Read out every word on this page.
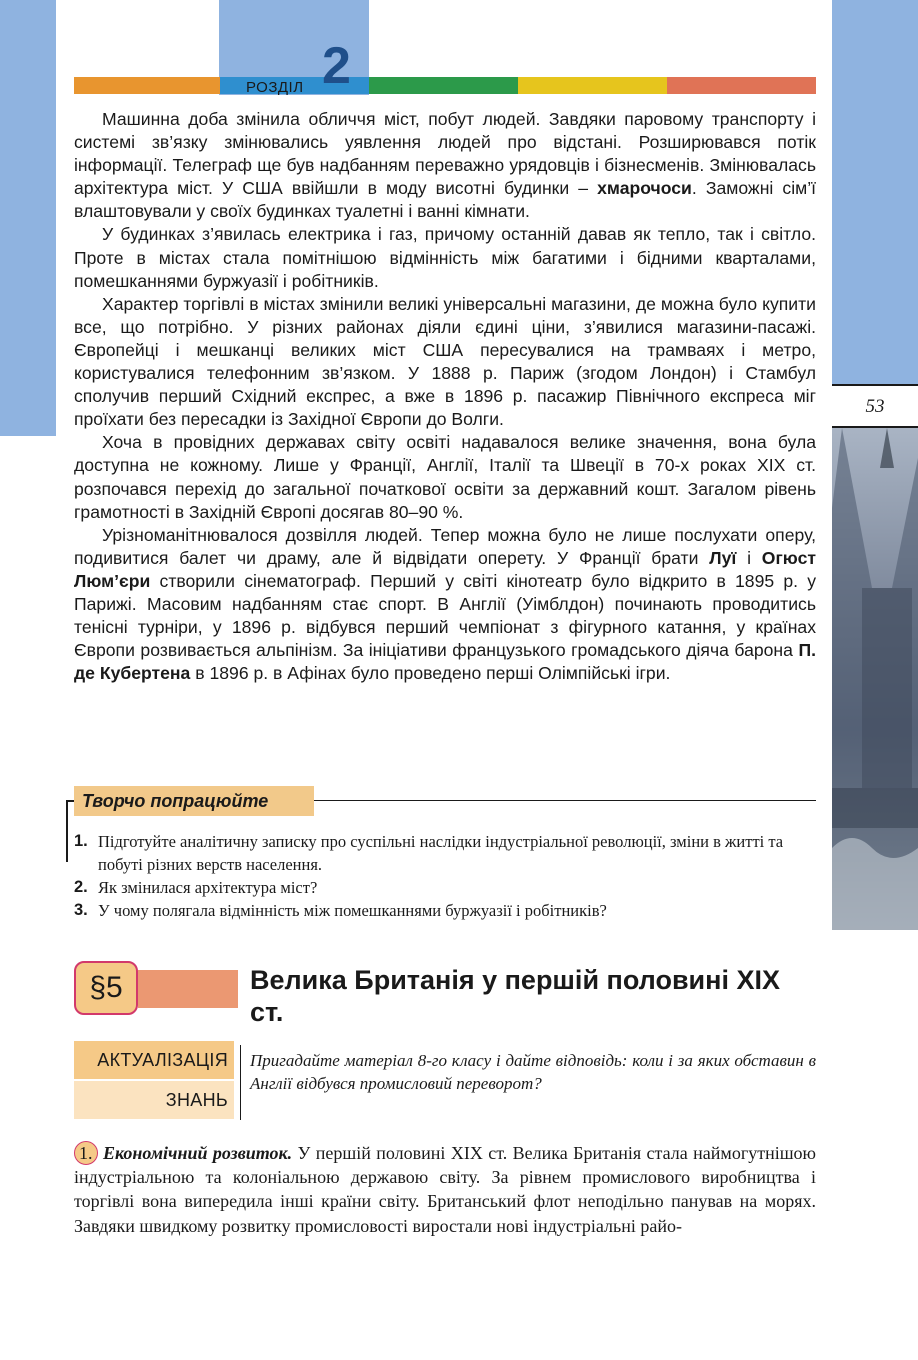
РОЗДІЛ 2
53

Машинна доба змінила обличчя міст, побут людей. Завдяки паровому транспорту і системі зв’язку змінювались уявлення людей про відстані. Розширювався потік інформації. Телеграф ще був надбанням переважно урядовців і бізнесменів. Змінювалась архітектура міст. У США ввійшли в моду висотні будинки – хмарочоси. Заможні сім’ї влаштовували у своїх будинках туалетні і ванні кімнати.

У будинках з’явилась електрика і газ, причому останній давав як тепло, так і світло. Проте в містах стала помітнішою відмінність між багатими і бідними кварталами, помешканнями буржуазії і робітників.

Характер торгівлі в містах змінили великі універсальні магазини, де можна було купити все, що потрібно. У різних районах діяли єдині ціни, з’явилися магазини-пасажі. Європейці і мешканці великих міст США пересувалися на трамваях і метро, користувалися телефонним зв’язком. У 1888 р. Париж (згодом Лондон) і Стамбул сполучив перший Східний експрес, а вже в 1896 р. пасажир Північного експреса міг проїхати без пересадки із Західної Європи до Волги.

Хоча в провідних державах світу освіті надавалося велике значення, вона була доступна не кожному. Лише у Франції, Англії, Італії та Швеції в 70-х роках XIX ст. розпочався перехід до загальної початкової освіти за державний кошт. Загалом рівень грамотності в Західній Європі досягав 80–90 %.

Урізноманітнювалося дозвілля людей. Тепер можна було не лише послухати оперу, подивитися балет чи драму, але й відвідати оперету. У Франції брати Луї і Огюст Люм’єри створили сінематограф. Перший у світі кінотеатр було відкрито в 1895 р. у Парижі. Масовим надбанням стає спорт. В Англії (Уімблдон) починають проводитись тенісні турніри, у 1896 р. відбувся перший чемпіонат з фігурного катання, у країнах Європи розвивається альпінізм. За ініціативи французького громадського діяча барона П. де Кубертена в 1896 р. в Афінах було проведено перші Олімпійські ігри.

Творчо попрацюйте
1. Підготуйте аналітичну записку про суспільні наслідки індустріальної революції, зміни в житті та побуті різних верств населення.
2. Як змінилася архітектура міст?
3. У чому полягала відмінність між помешканнями буржуазії і робітників?
§5	Велика Британія у першій половині XIX ст.
АКТУАЛІЗАЦІЯ
ЗНАНЬ
Пригадайте матеріал 8-го класу і дайте відповідь: коли і за яких обставин в Англії відбувся промисловий переворот?
1. Економічний розвиток. У першій половині XIX ст. Велика Британія стала наймогутнішою індустріальною та колоніальною державою світу. За рівнем промислового виробництва і торгівлі вона випередила інші країни світу. Британський флот неподільно панував на морях. Завдяки швидкому розвитку промисловості виростали нові індустріальні райо-
